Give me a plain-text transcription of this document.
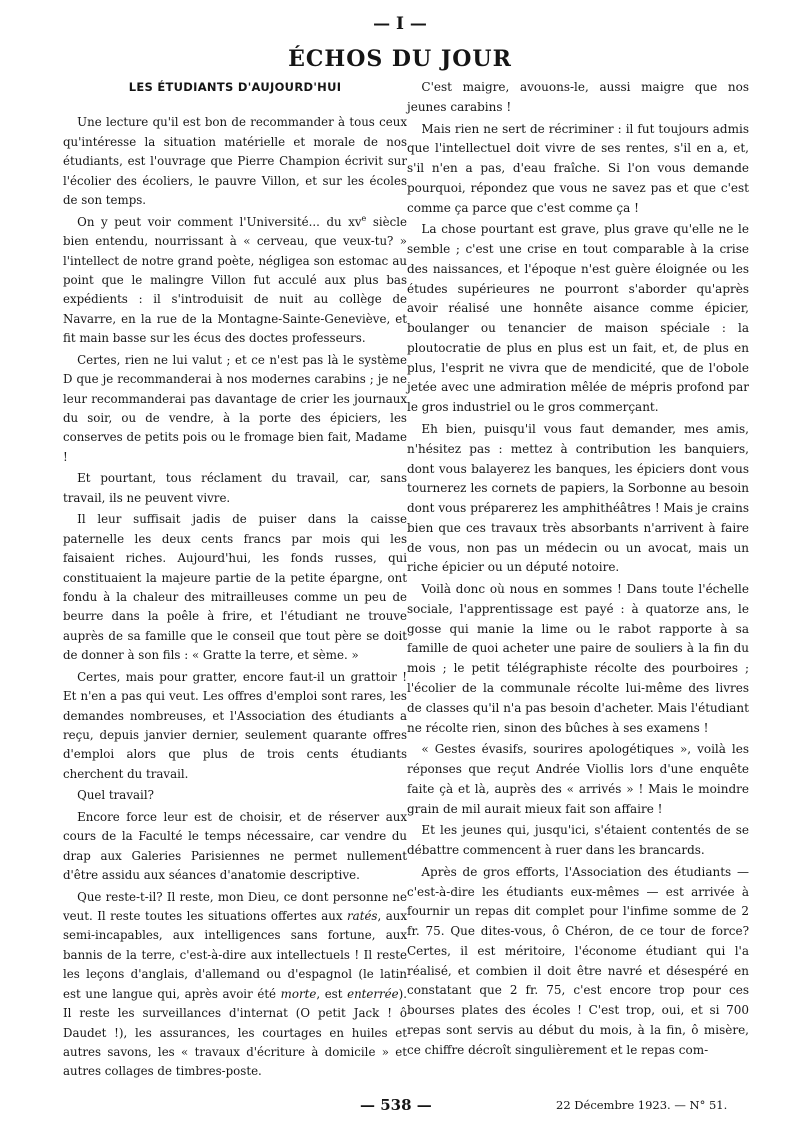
— I —
ÉCHOS DU JOUR
LES ÉTUDIANTS D'AUJOURD'HUI

Une lecture qu'il est bon de recommander à tous ceux qu'intéresse la situation matérielle et morale de nos étudiants, est l'ouvrage que Pierre Champion écrivit sur l'écolier des écoliers, le pauvre Villon, et sur les écoles de son temps.

On y peut voir comment l'Université... du $xv^e$ siècle bien entendu, nourrissant à « cerveau, que veux-tu? » l'intellect de notre grand poète, négligea son estomac au point que le malingre Villon fut acculé aux plus bas expédients : il s'introduisit de nuit au collège de Navarre, en la rue de la Montagne-Sainte-Geneviève, et fit main basse sur les écus des doctes professeurs.

Certes, rien ne lui valut ; et ce n'est pas là le système D que je recommanderai à nos modernes carabins ; je ne leur recommanderai pas davantage de crier les journaux du soir, ou de vendre, à la porte des épiciers, les conserves de petits pois ou le fromage bien fait, Madame !

Et pourtant, tous réclament du travail, car, sans travail, ils ne peuvent vivre.

Il leur suffisait jadis de puiser dans la caisse paternelle les deux cents francs par mois qui les faisaient riches. Aujourd'hui, les fonds russes, qui constituaient la majeure partie de la petite épargne, ont fondu à la chaleur des mitrailleuses comme un peu de beurre dans la poêle à frire, et l'étudiant ne trouve auprès de sa famille que le conseil que tout père se doit de donner à son fils : « Gratte la terre, et sème. »

Certes, mais pour gratter, encore faut-il un grattoir ! Et n'en a pas qui veut. Les offres d'emploi sont rares, les demandes nombreuses, et l'Association des étudiants a reçu, depuis janvier dernier, seulement quarante offres d'emploi alors que plus de trois cents étudiants cherchent du travail.

Quel travail?

Encore force leur est de choisir, et de réserver aux cours de la Faculté le temps nécessaire, car vendre du drap aux Galeries Parisiennes ne permet nullement d'être assidu aux séances d'anatomie descriptive.

Que reste-t-il? Il reste, mon Dieu, ce dont personne ne veut. Il reste toutes les situations offertes aux ratés, aux semi-incapables, aux intelligences sans fortune, aux bannis de la terre, c'est-à-dire aux intellectuels ! Il reste les leçons d'anglais, d'allemand ou d'espagnol (le latin est une langue qui, après avoir été morte, est enterrée). Il reste les surveillances d'internat (O petit Jack ! ô Daudet !), les assurances, les courtages en huiles et autres savons, les « travaux d'écriture à domicile » et autres collages de timbres-poste.

C'est maigre, avouons-le, aussi maigre que nos jeunes carabins !

Mais rien ne sert de récriminer : il fut toujours admis que l'intellectuel doit vivre de ses rentes, s'il en a, et, s'il n'en a pas, d'eau fraîche. Si l'on vous demande pourquoi, répondez que vous ne savez pas et que c'est comme ça parce que c'est comme ça !

La chose pourtant est grave, plus grave qu'elle ne le semble ; c'est une crise en tout comparable à la crise des naissances, et l'époque n'est guère éloignée ou les études supérieures ne pourront s'aborder qu'après avoir réalisé une honnête aisance comme épicier, boulanger ou tenancier de maison spéciale : la ploutocratie de plus en plus est un fait, et, de plus en plus, l'esprit ne vivra que de mendicité, que de l'obole jetée avec une admiration mêlée de mépris profond par le gros industriel ou le gros commerçant.

Eh bien, puisqu'il vous faut demander, mes amis, n'hésitez pas : mettez à contribution les banquiers, dont vous balayerez les banques, les épiciers dont vous tournerez les cornets de papiers, la Sorbonne au besoin dont vous préparerez les amphithéâtres ! Mais je crains bien que ces travaux très absorbants n'arrivent à faire de vous, non pas un médecin ou un avocat, mais un riche épicier ou un député notoire.

Voilà donc où nous en sommes ! Dans toute l'échelle sociale, l'apprentissage est payé : à quatorze ans, le gosse qui manie la lime ou le rabot rapporte à sa famille de quoi acheter une paire de souliers à la fin du mois ; le petit télégraphiste récolte des pourboires ; l'écolier de la communale récolte lui-même des livres de classes qu'il n'a pas besoin d'acheter. Mais l'étudiant ne récolte rien, sinon des bûches à ses examens !

« Gestes évasifs, sourires apologétiques », voilà les réponses que reçut Andrée Viollis lors d'une enquête faite çà et là, auprès des « arrivés » ! Mais le moindre grain de mil aurait mieux fait son affaire !

Et les jeunes qui, jusqu'ici, s'étaient contentés de se débattre commencent à ruer dans les brancards.

Après de gros efforts, l'Association des étudiants — c'est-à-dire les étudiants eux-mêmes — est arrivée à fournir un repas dit complet pour l'infime somme de 2 fr. 75. Que dites-vous, ô Chéron, de ce tour de force? Certes, il est méritoire, l'économe étudiant qui l'a réalisé, et combien il doit être navré et désespéré en constatant que 2 fr. 75, c'est encore trop pour ces bourses plates des écoles ! C'est trop, oui, et si 700 repas sont servis au début du mois, à la fin, ô misère, ce chiffre décroît singulièrement et le repas com-

— 538 —	22 Décembre 1923. — N° 51.
